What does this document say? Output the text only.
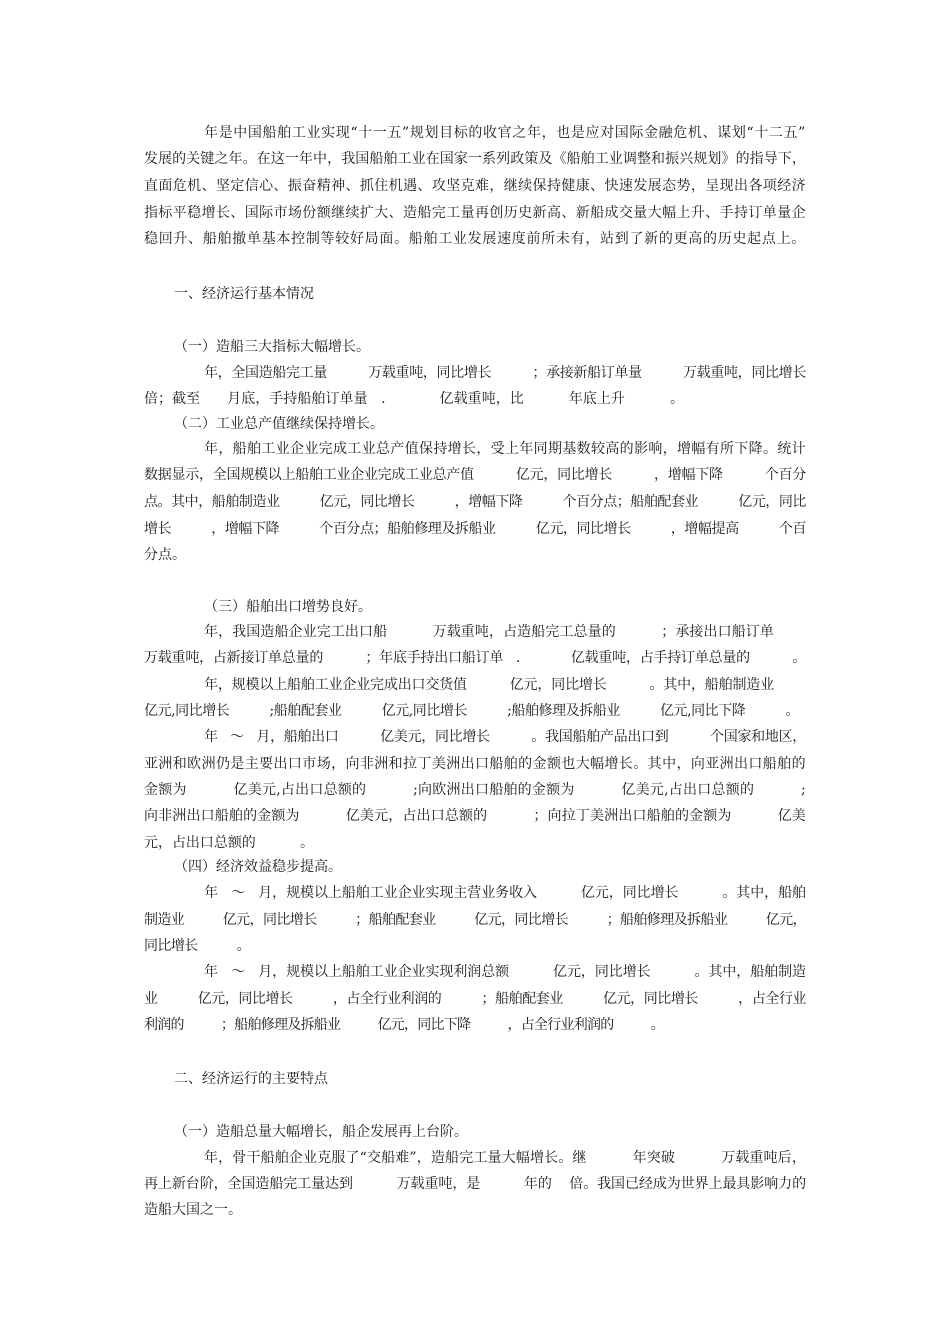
年是中国船舶工业实现“十一五”规划目标的收官之年，也是应对国际金融危机、谋划“十二五”

发展的关键之年。在这一年中，我国船舶工业在国家一系列政策及《船舶工业调整和振兴规划》的指导下，

直面危机、坚定信心、振奋精神、抓住机遇、攻坚克难，继续保持健康、快速发展态势，呈现出各项经济

指标平稳增长、国际市场份额继续扩大、造船完工量再创历史新高、新船成交量大幅上升、手持订单量企

稳回升、船舶撤单基本控制等较好局面。船舶工业发展速度前所未有，站到了新的更高的历史起点上。

一、经济运行基本情况
（一）造船三大指标大幅增长。

年，全国造船完工量          万载重吨，同比增长          ；承接新船订单量          万载重吨，同比增长

倍；截至      月底，手持船舶订单量   .            亿载重吨，比          年底上升          。

（二）工业总产值继续保持增长。

年，船舶工业企业完成工业总产值保持增长，受上年同期基数较高的影响，增幅有所下降。统计

数据显示，全国规模以上船舶工业企业完成工业总产值          亿元，同比增长          ，增幅下降          个百分

点。其中，船舶制造业          亿元，同比增长          ，增幅下降          个百分点；船舶配套业          亿元，同比

增长          ，增幅下降          个百分点；船舶修理及拆船业          亿元，同比增长          ，增幅提高          个百

分点。

（三）船舶出口增势良好。

年，我国造船企业完工出口船          万载重吨，占造船完工总量的          ；承接出口船订单

万载重吨，占新接订单总量的          ；年底手持出口船订单   .            亿载重吨，占手持订单总量的          。

年，规模以上船舶工业企业完成出口交货值          亿元，同比增长          。其中，船舶制造业

亿元,同比增长          ;船舶配套业          亿元,同比增长          ;船舶修理及拆船业          亿元,同比下降          。

年   ～   月，船舶出口          亿美元，同比增长          。我国船舶产品出口到          个国家和地区，

亚洲和欧洲仍是主要出口市场，向非洲和拉丁美洲出口船舶的金额也大幅增长。其中，向亚洲出口船舶的

金额为          亿美元,占出口总额的          ;向欧洲出口船舶的金额为          亿美元,占出口总额的          ;

向非洲出口船舶的金额为          亿美元，占出口总额的          ；向拉丁美洲出口船舶的金额为          亿美

元，占出口总额的          。

（四）经济效益稳步提高。

年   ～   月，规模以上船舶工业企业实现主营业务收入          亿元，同比增长          。其中，船舶

制造业          亿元，同比增长          ；船舶配套业          亿元，同比增长          ；船舶修理及拆船业          亿元，

同比增长          。

年   ～   月，规模以上船舶工业企业实现利润总额          亿元，同比增长          。其中，船舶制造

业          亿元，同比增长          ，占全行业利润的          ；船舶配套业          亿元，同比增长          ，占全行业

利润的          ；船舶修理及拆船业          亿元，同比下降          ，占全行业利润的          。

二、经济运行的主要特点
（一）造船总量大幅增长，船企发展再上台阶。

年，骨干船舶企业克服了“交船难”，造船完工量大幅增长。继          年突破          万载重吨后，

再上新台阶，全国造船完工量达到          万载重吨，是          年的    倍。我国已经成为世界上最具影响力的

造船大国之一。
